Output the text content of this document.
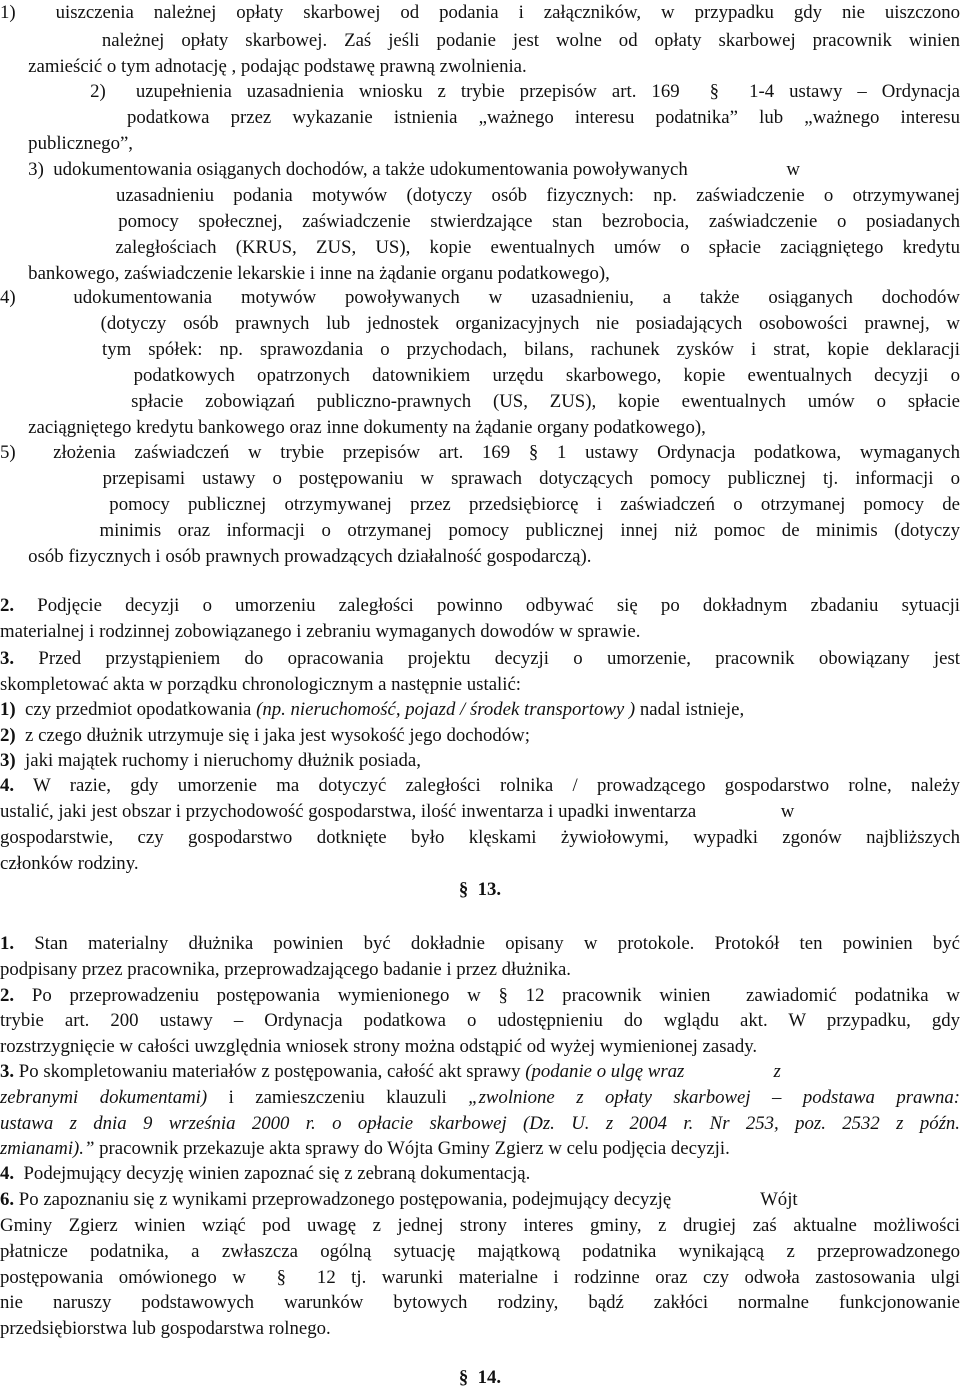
1)  uiszczenia należnej opłaty skarbowej od podania i załączników, w przypadku gdy nie uiszczono
należnej opłaty skarbowej. Zaś jeśli podanie jest wolne od opłaty skarbowej pracownik winien
zamieścić o tym adnotację , podając podstawę prawną zwolnienia.
2)  uzupełnienia uzasadnienia wniosku z trybie przepisów art. 169  §  1-4 ustawy – Ordynacja
podatkowa przez wykazanie istnienia „ważnego interesu podatnika” lub „ważnego interesu
publicznego”,
3)  udokumentowania osiąganych dochodów, a także udokumentowania powoływanych                     w
uzasadnieniu podania motywów (dotyczy osób fizycznych: np. zaświadczenie o otrzymywanej
pomocy społecznej, zaświadczenie stwierdzające stan bezrobocia, zaświadczenie o posiadanych
zaległościach (KRUS, ZUS, US), kopie ewentualnych umów o spłacie zaciągniętego kredytu
bankowego, zaświadczenie lekarskie i inne na żądanie organu podatkowego),
4)  udokumentowania motywów powoływanych w uzasadnieniu, a także osiąganych dochodów
(dotyczy osób prawnych lub jednostek organizacyjnych nie posiadających osobowości prawnej, w
tym spółek: np. sprawozdania o przychodach, bilans, rachunek zysków i strat, kopie deklaracji
podatkowych opatrzonych datownikiem urzędu skarbowego, kopie ewentualnych decyzji o
spłacie zobowiązań publiczno-prawnych (US, ZUS), kopie ewentualnych umów o spłacie
zaciągniętego kredytu bankowego oraz inne dokumenty na żądanie organy podatkowego),
5)  złożenia zaświadczeń w trybie przepisów art. 169 § 1 ustawy Ordynacja podatkowa, wymaganych
przepisami ustawy o postępowaniu w sprawach dotyczących pomocy publicznej tj. informacji o
pomocy publicznej otrzymywanej przez przedsiębiorcę i zaświadczeń o otrzymanej pomocy de
minimis oraz informacji o otrzymanej pomocy publicznej innej niż pomoc de minimis (dotyczy
osób fizycznych i osób prawnych prowadzących działalność gospodarczą).
2. Podjęcie decyzji o umorzeniu zaległości powinno odbywać się po dokładnym zbadaniu sytuacji
materialnej i rodzinnej zobowiązanego i zebraniu wymaganych dowodów w sprawie.
3. Przed przystąpieniem do opracowania projektu decyzji o umorzenie, pracownik obowiązany jest
skompletować akta w porządku chronologicznym a następnie ustalić:
1)  czy przedmiot opodatkowania (np. nieruchomość, pojazd / środek transportowy ) nadal istnieje,
2)  z czego dłużnik utrzymuje się i jaka jest wysokość jego dochodów;
3)  jaki majątek ruchomy i nieruchomy dłużnik posiada,
4. W razie, gdy umorzenie ma dotyczyć zaległości rolnika / prowadzącego gospodarstwo rolne, należy
ustalić, jaki jest obszar i przychodowość gospodarstwa, ilość inwentarza i upadki inwentarza                  w
gospodarstwie, czy gospodarstwo dotknięte było klęskami żywiołowymi, wypadki zgonów najbliższych
członków rodziny.
§  13.
1. Stan materialny dłużnika powinien być dokładnie opisany w protokole. Protokół ten powinien być
podpisany przez pracownika, przeprowadzającego badanie i przez dłużnika.
2. Po przeprowadzeniu postępowania wymienionego w § 12 pracownik winien  zawiadomić podatnika w
trybie art. 200 ustawy – Ordynacja podatkowa o udostępnieniu do wglądu akt. W przypadku, gdy
rozstrzygnięcie w całości uwzględnia wniosek strony można odstąpić od wyżej wymienionej zasady.
3. Po skompletowaniu materiałów z postępowania, całość akt sprawy (podanie o ulgę wraz                   z
zebranymi dokumentami) i zamieszczeniu klauzuli „zwolnione z opłaty skarbowej – podstawa prawna:
ustawa z dnia 9 września 2000 r. o opłacie skarbowej (Dz. U. z 2004 r. Nr 253, poz. 2532 z późn.
zmianami).” pracownik przekazuje akta sprawy do Wójta Gminy Zgierz w celu podjęcia decyzji.
4.  Podejmujący decyzję winien zapoznać się z zebraną dokumentacją.
6. Po zapoznaniu się z wynikami przeprowadzonego postępowania, podejmujący decyzję                   Wójt
Gminy Zgierz winien wziąć pod uwagę z jednej strony interes gminy, z drugiej zaś aktualne możliwości
płatnicze podatnika, a zwłaszcza ogólną sytuację majątkową podatnika wynikającą z przeprowadzonego
postępowania omówionego w  §  12 tj. warunki materialne i rodzinne oraz czy odwoła zastosowania ulgi
nie naruszy podstawowych warunków bytowych rodziny, bądź zakłóci normalne funkcjonowanie
przedsiębiorstwa lub gospodarstwa rolnego.
§  14.
